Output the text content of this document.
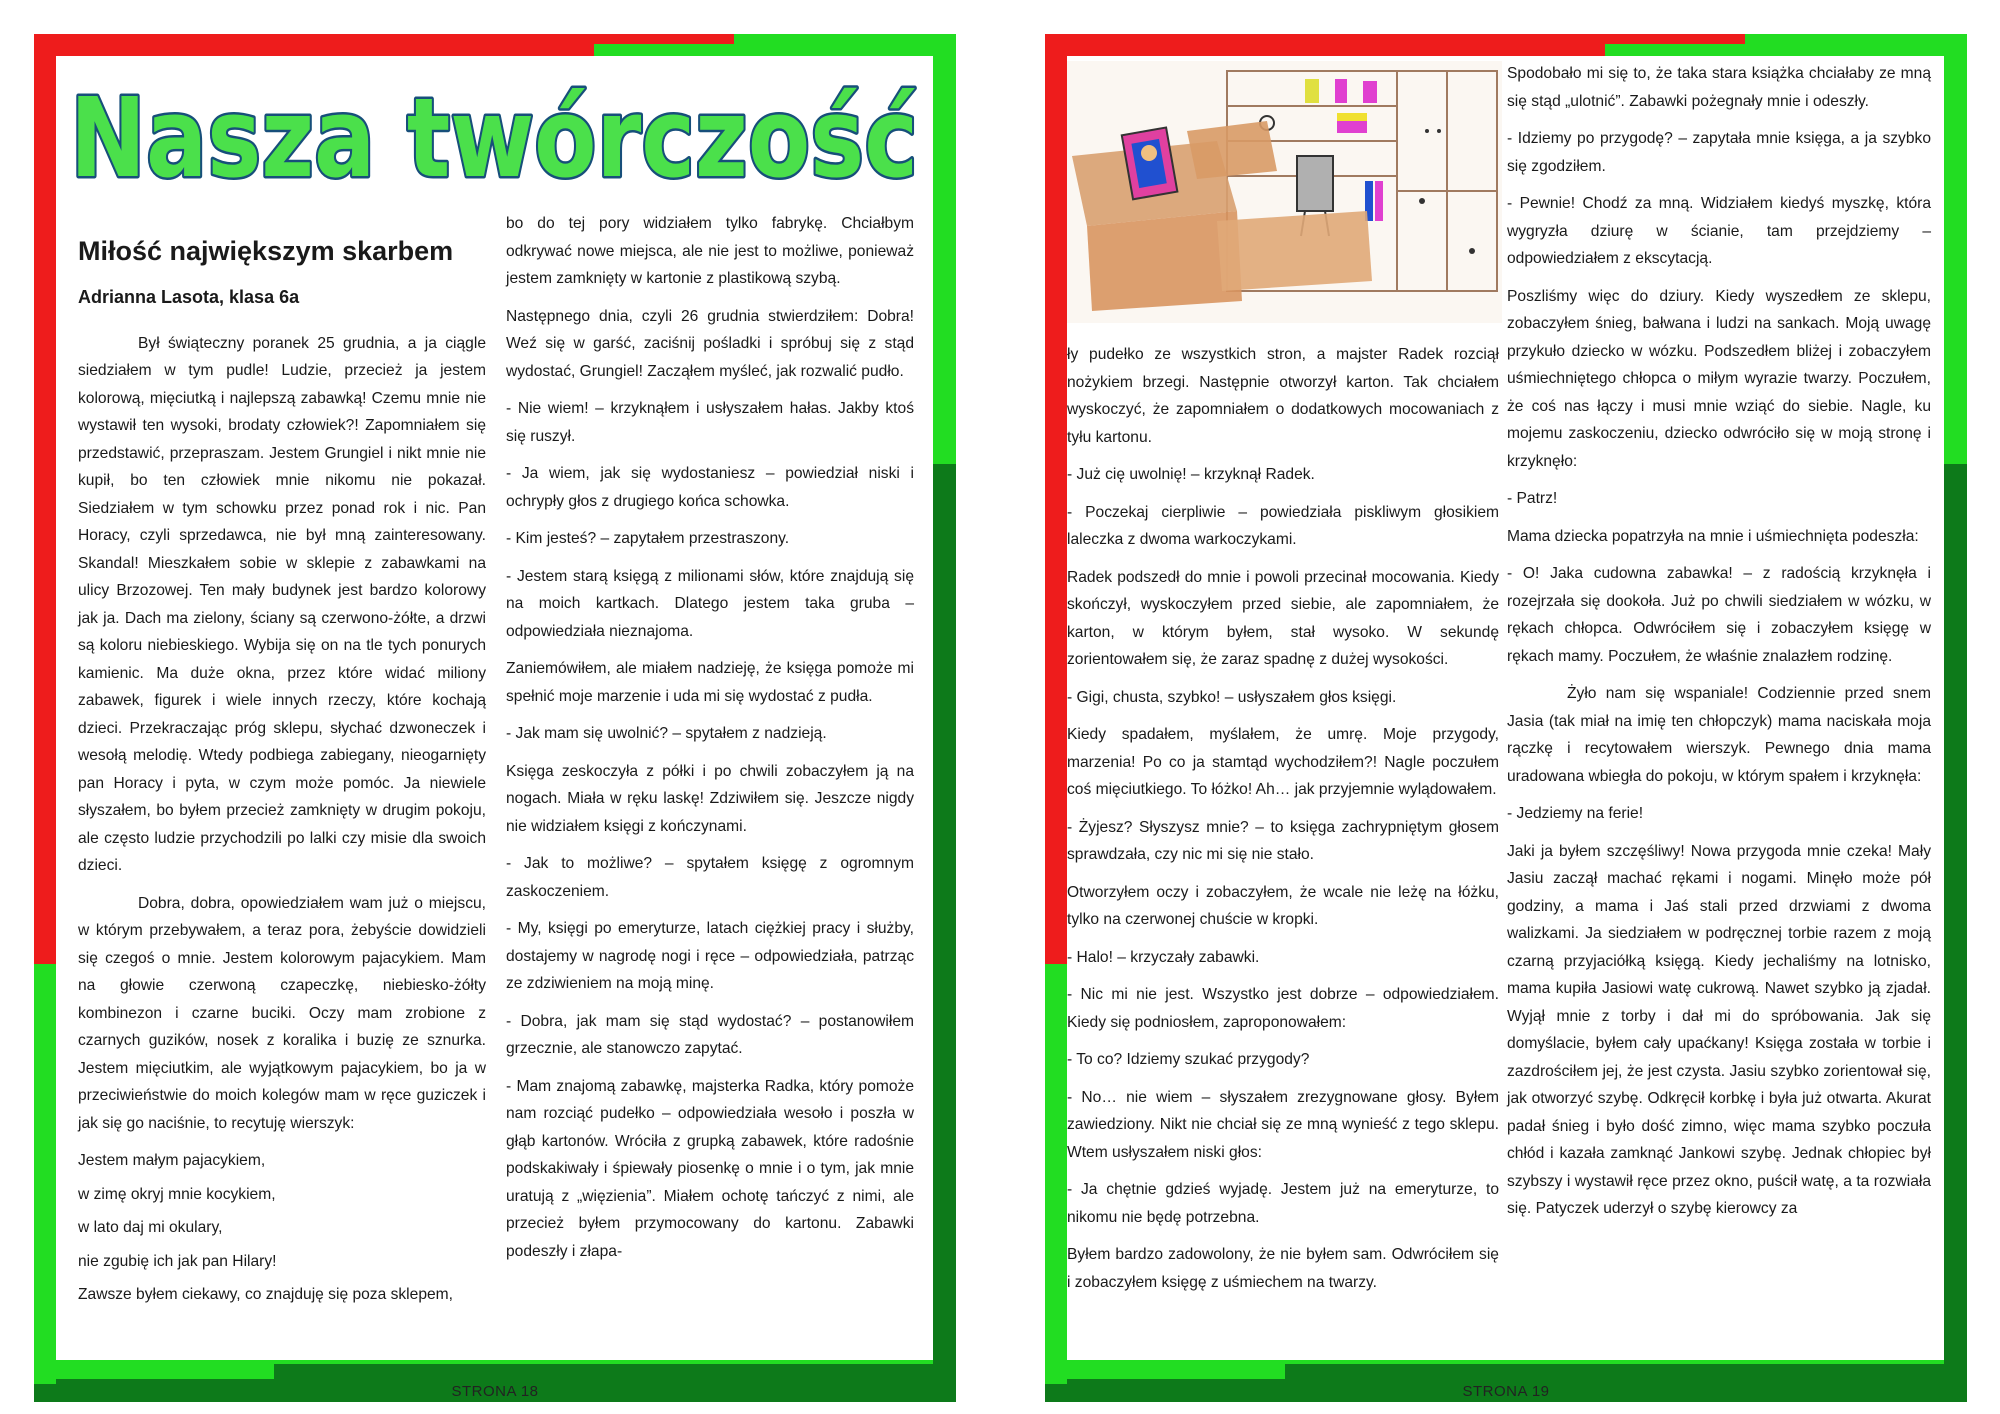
Nasza twórczość
Miłość największym skarbem
Adrianna Lasota, klasa 6a

Był świąteczny poranek 25 grudnia, a ja ciągle siedziałem w tym pudle! Ludzie, przecież ja jestem kolorową, mięciutką i najlepszą zabawką! Czemu mnie nie wystawił ten wysoki, brodaty człowiek?! Zapomniałem się przedstawić, przepraszam. Jestem Grungiel i nikt mnie nie kupił, bo ten człowiek mnie nikomu nie pokazał. Siedziałem w tym schowku przez ponad rok i nic. Pan Horacy, czyli sprzedawca, nie był mną zainteresowany. Skandal! Mieszkałem sobie w sklepie z zabawkami na ulicy Brzozowej. Ten mały budynek jest bardzo kolorowy jak ja. Dach ma zielony, ściany są czerwono-żółte, a drzwi są koloru niebieskiego. Wybija się on na tle tych ponurych kamienic. Ma duże okna, przez które widać miliony zabawek, figurek i wiele innych rzeczy, które kochają dzieci. Przekraczając próg sklepu, słychać dzwoneczek i wesołą melodię. Wtedy podbiega zabiegany, nieogarnięty pan Horacy i pyta, w czym może pomóc. Ja niewiele słyszałem, bo byłem przecież zamknięty w drugim pokoju, ale często ludzie przychodzili po lalki czy misie dla swoich dzieci.

Dobra, dobra, opowiedziałem wam już o miejscu, w którym przebywałem, a teraz pora, żebyście dowidzieli się czegoś o mnie. Jestem kolorowym pajacykiem. Mam na głowie czerwoną czapeczkę, niebiesko-żółty kombinezon i czarne buciki. Oczy mam zrobione z czarnych guzików, nosek z koralika i buzię ze sznurka. Jestem mięciutkim, ale wyjątkowym pajacykiem, bo ja w przeciwieństwie do moich kolegów mam w ręce guziczek i jak się go naciśnie, to recytuję wierszyk:

Jestem małym pajacykiem,

w zimę okryj mnie kocykiem,

w lato daj mi okulary,

nie zgubię ich jak pan Hilary!

Zawsze byłem ciekawy, co znajduję się poza sklepem,

bo do tej pory widziałem tylko fabrykę. Chciałbym odkrywać nowe miejsca, ale nie jest to możliwe, ponieważ jestem zamknięty w kartonie z plastikową szybą.

Następnego dnia, czyli 26 grudnia stwierdziłem: Dobra! Weź się w garść, zaciśnij pośladki i spróbuj się z stąd wydostać, Grungiel! Zacząłem myśleć, jak rozwalić pudło.

- Nie wiem! – krzyknąłem i usłyszałem hałas. Jakby ktoś się ruszył.

- Ja wiem, jak się wydostaniesz – powiedział niski i ochrypły głos z drugiego końca schowka.

- Kim jesteś? – zapytałem przestraszony.

- Jestem starą księgą z milionami słów, które znajdują się na moich kartkach. Dlatego jestem taka gruba – odpowiedziała nieznajoma.

Zaniemówiłem, ale miałem nadzieję, że księga pomoże mi spełnić moje marzenie i uda mi się wydostać z pudła.

- Jak mam się uwolnić? – spytałem z nadzieją.

Księga zeskoczyła z półki i po chwili zobaczyłem ją na nogach. Miała w ręku laskę! Zdziwiłem się. Jeszcze nigdy nie widziałem księgi z kończynami.

- Jak to możliwe? – spytałem księgę z ogromnym zaskoczeniem.

- My, księgi po emeryturze, latach ciężkiej pracy i służby, dostajemy w nagrodę nogi i ręce – odpowiedziała, patrząc ze zdziwieniem na moją minę.

- Dobra, jak mam się stąd wydostać? – postanowiłem grzecznie, ale stanowczo zapytać.

- Mam znajomą zabawkę, majsterka Radka, który pomoże nam rozciąć pudełko – odpowiedziała wesoło i poszła w głąb kartonów. Wróciła z grupką zabawek, które radośnie podskakiwały i śpiewały piosenkę o mnie i o tym, jak mnie uratują z „więzienia”. Miałem ochotę tańczyć z nimi, ale przecież byłem przymocowany do kartonu. Zabawki podeszły i złapa-

STRONA 18

ły pudełko ze wszystkich stron, a majster Radek rozciął nożykiem brzegi. Następnie otworzył karton. Tak chciałem wyskoczyć, że zapomniałem o dodatkowych mocowaniach z tyłu kartonu.

- Już cię uwolnię! – krzyknął Radek.

- Poczekaj cierpliwie – powiedziała piskliwym głosikiem laleczka z dwoma warkoczykami.

Radek podszedł do mnie i powoli przecinał mocowania. Kiedy skończył, wyskoczyłem przed siebie, ale zapomniałem, że karton, w którym byłem, stał wysoko. W sekundę zorientowałem się, że zaraz spadnę z dużej wysokości.

- Gigi, chusta, szybko! – usłyszałem głos księgi.

Kiedy spadałem, myślałem, że umrę. Moje przygody, marzenia! Po co ja stamtąd wychodziłem?! Nagle poczułem coś mięciutkiego. To łóżko! Ah… jak przyjemnie wylądowałem.

- Żyjesz? Słyszysz mnie? – to księga zachrypniętym głosem sprawdzała, czy nic mi się nie stało.

Otworzyłem oczy i zobaczyłem, że wcale nie leżę na łóżku, tylko na czerwonej chuście w kropki.

- Halo! – krzyczały zabawki.

- Nic mi nie jest. Wszystko jest dobrze – odpowiedziałem. Kiedy się podniosłem, zaproponowałem:

- To co? Idziemy szukać przygody?

- No… nie wiem – słyszałem zrezygnowane głosy. Byłem zawiedziony. Nikt nie chciał się ze mną wynieść z tego sklepu. Wtem usłyszałem niski głos:

- Ja chętnie gdzieś wyjadę. Jestem już na emeryturze, to nikomu nie będę potrzebna.

Byłem bardzo zadowolony, że nie byłem sam. Odwróciłem się i zobaczyłem księgę z uśmiechem na twarzy.

Spodobało mi się to, że taka stara książka chciałaby ze mną się stąd „ulotnić”. Zabawki pożegnały mnie i odeszły.

- Idziemy po przygodę? – zapytała mnie księga, a ja szybko się zgodziłem.

- Pewnie! Chodź za mną. Widziałem kiedyś myszkę, która wygryzła dziurę w ścianie, tam przejdziemy – odpowiedziałem z ekscytacją.

Poszliśmy więc do dziury. Kiedy wyszedłem ze sklepu, zobaczyłem śnieg, bałwana i ludzi na sankach. Moją uwagę przykuło dziecko w wózku. Podszedłem bliżej i zobaczyłem uśmiechniętego chłopca o miłym wyrazie twarzy. Poczułem, że coś nas łączy i musi mnie wziąć do siebie. Nagle, ku mojemu zaskoczeniu, dziecko odwróciło się w moją stronę i krzyknęło:

- Patrz!

Mama dziecka popatrzyła na mnie i uśmiechnięta podeszła:

- O! Jaka cudowna zabawka! – z radością krzyknęła i rozejrzała się dookoła. Już po chwili siedziałem w wózku, w rękach chłopca. Odwróciłem się i zobaczyłem księgę w rękach mamy. Poczułem, że właśnie znalazłem rodzinę.

Żyło nam się wspaniale! Codziennie przed snem Jasia (tak miał na imię ten chłopczyk) mama naciskała moja rączkę i recytowałem wierszyk. Pewnego dnia mama uradowana wbiegła do pokoju, w którym spałem i krzyknęła:

- Jedziemy na ferie!

Jaki ja byłem szczęśliwy! Nowa przygoda mnie czeka! Mały Jasiu zaczął machać rękami i nogami. Minęło może pół godziny, a mama i Jaś stali przed drzwiami z dwoma walizkami. Ja siedziałem w podręcznej torbie razem z moją czarną przyjaciółką księgą. Kiedy jechaliśmy na lotnisko, mama kupiła Jasiowi watę cukrową. Nawet szybko ją zjadał. Wyjął mnie z torby i dał mi do spróbowania. Jak się domyślacie, byłem cały upaćkany! Księga została w torbie i zazdrościłem jej, że jest czysta. Jasiu szybko zorientował się, jak otworzyć szybę. Odkręcił korbkę i była już otwarta. Akurat padał śnieg i było dość zimno, więc mama szybko poczuła chłód i kazała zamknąć Jankowi szybę. Jednak chłopiec był szybszy i wystawił ręce przez okno, puścił watę, a ta rozwiała się. Patyczek uderzył o szybę kierowcy za

STRONA 19
